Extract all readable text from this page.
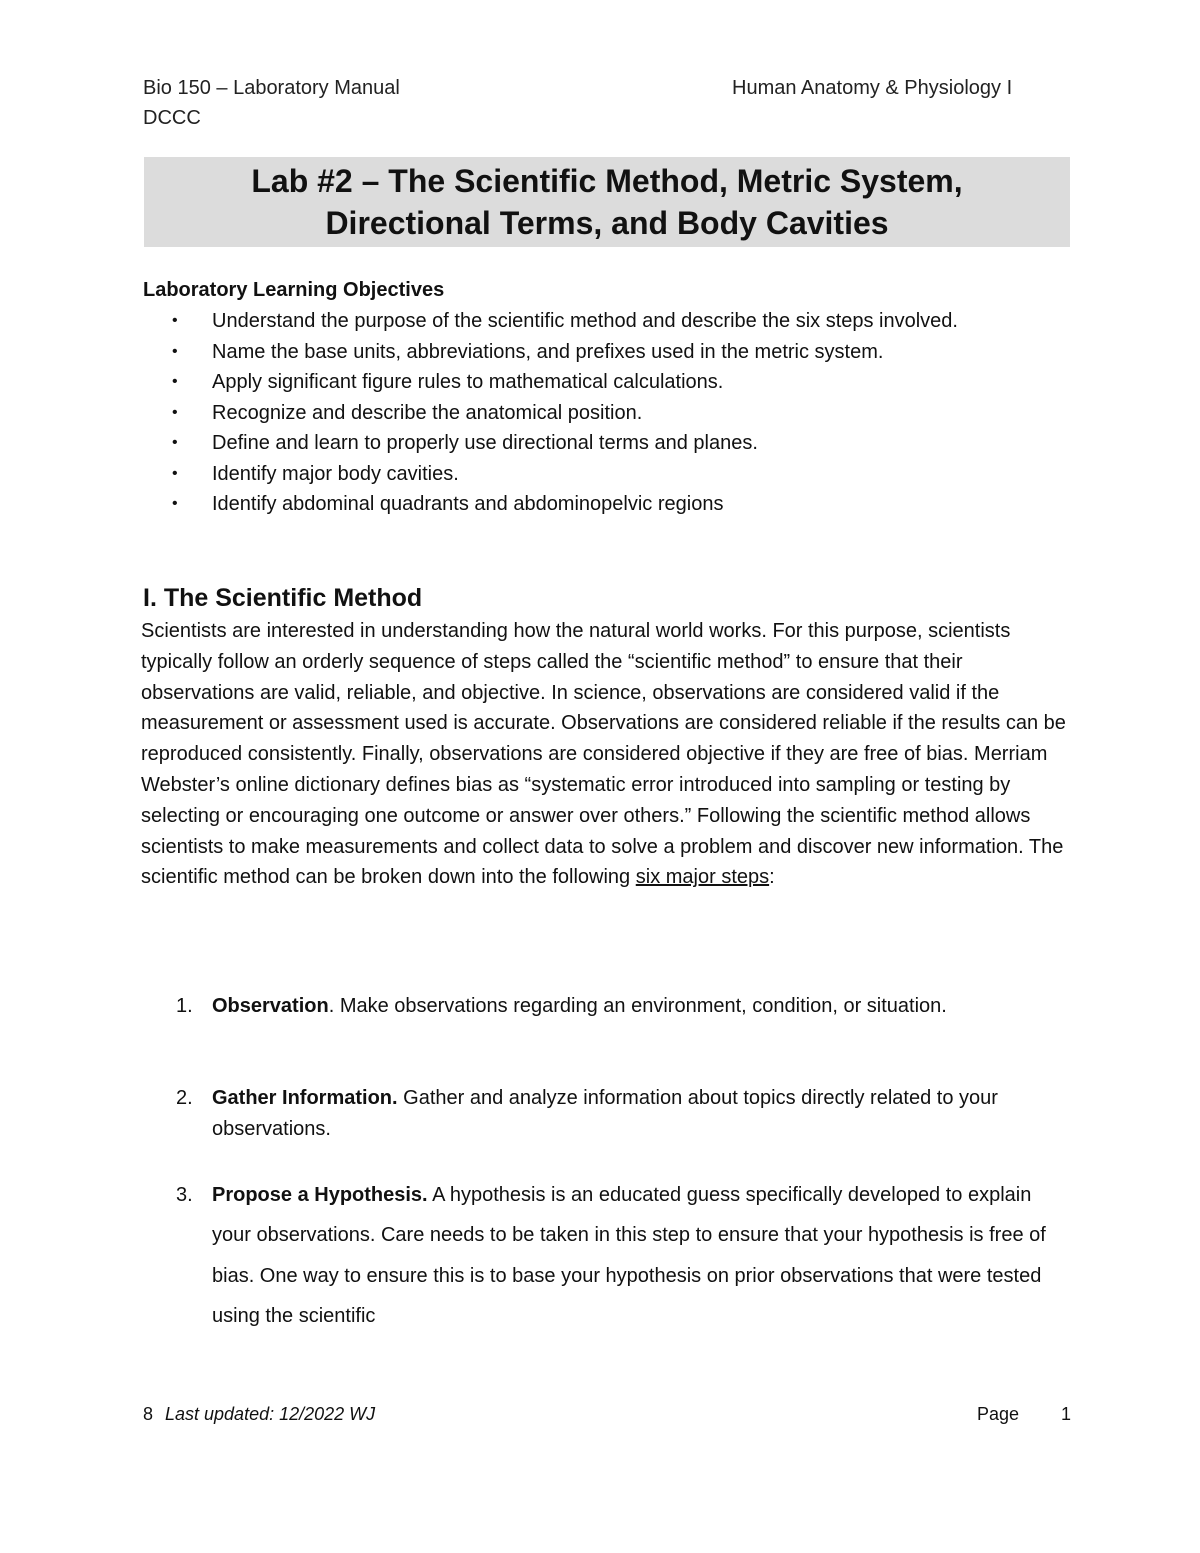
Bio 150 – Laboratory Manual
DCCC
Human Anatomy & Physiology I
Lab #2 – The Scientific Method, Metric System,
Directional Terms, and Body Cavities
Laboratory Learning Objectives
• Understand the purpose of the scientific method and describe the six steps involved.
• Name the base units, abbreviations, and prefixes used in the metric system.
• Apply significant figure rules to mathematical calculations.
• Recognize and describe the anatomical position.
• Define and learn to properly use directional terms and planes.
• Identify major body cavities.
• Identify abdominal quadrants and abdominopelvic regions
I. The Scientific Method

Scientists are interested in understanding how the natural world works. For this purpose, scientists typically follow an orderly sequence of steps called the “scientific method” to ensure that their observations are valid, reliable, and objective. In science, observations are considered valid if the measurement or assessment used is accurate. Observations are considered reliable if the results can be reproduced consistently. Finally, observations are considered objective if they are free of bias. Merriam Webster’s online dictionary defines bias as “systematic error introduced into sampling or testing by selecting or encouraging one outcome or answer over others.” Following the scientific method allows scientists to make measurements and collect data to solve a problem and discover new information. The scientific method can be broken down into the following six major steps:

1. Observation. Make observations regarding an environment, condition, or situation.
2. Gather Information. Gather and analyze information about topics directly related to your observations.
3. Propose a Hypothesis. A hypothesis is an educated guess specifically developed to explain your observations. Care needs to be taken in this step to ensure that your hypothesis is free of bias. One way to ensure this is to base your hypothesis on prior observations that were tested using the scientific
8 Last updated: 12/2022 WJ	Page 1
